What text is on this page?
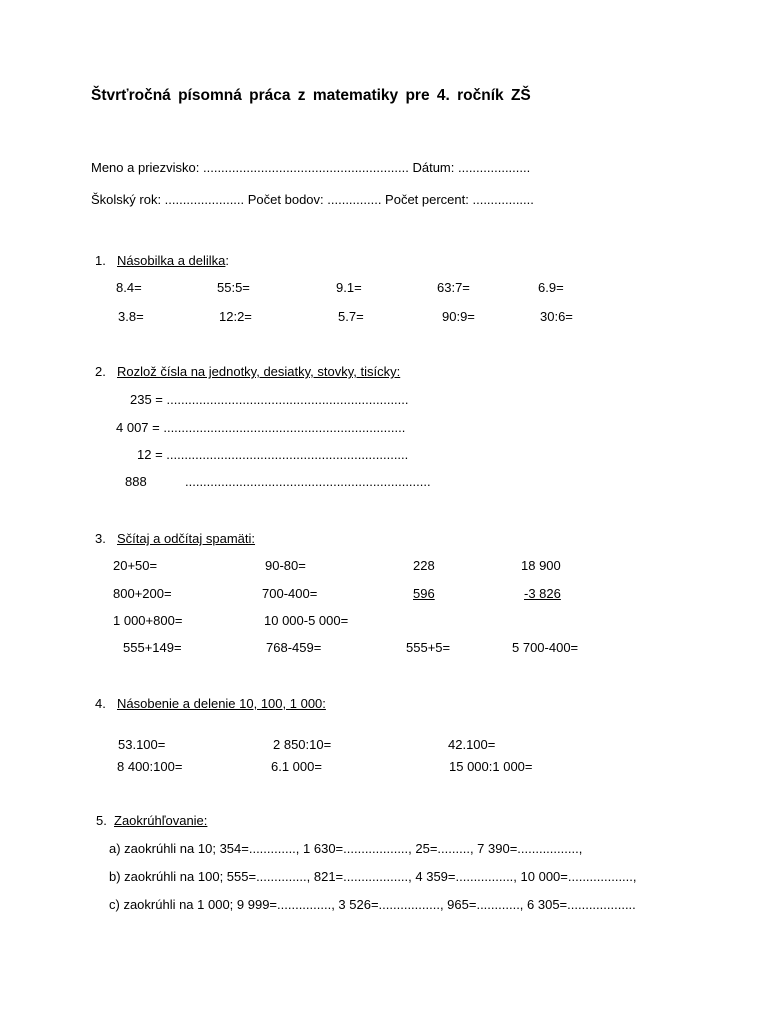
Štvrťročná písomná práca z matematiky pre 4. ročník ZŠ
Meno a priezvisko: ......................................................... Dátum: ....................
Školský rok: ...................... Počet bodov: ............... Počet percent: .................
1. Násobilka a delilka:
8.4=	55:5=	9.1=	63:7=	6.9=
3.8=	12:2=	5.7=	90:9=	30:6=
2. Rozlož čísla na jednotky, desiatky, stovky, tisícky:
235 = ...................................................................
4 007 = ...................................................................
12 = ...................................................................
888	....................................................................
3. Sčítaj a odčítaj spamäti:
20+50=	90-80=	228	18 900
800+200=	700-400=	596	-3 826
1 000+800=	10 000-5 000=
555+149=	768-459=	555+5=	5 700-400=
4. Násobenie a delenie 10, 100, 1 000:
53.100=	2 850:10=	42.100=
8 400:100=	6.1 000=	15 000:1 000=
5. Zaokrúhľovanie:
a) zaokrúhli na 10; 354=............., 1 630=.................., 25=........., 7 390=.................,
b) zaokrúhli na 100; 555=.............., 821=.................., 4 359=................, 10 000=..................,
c) zaokrúhli na 1 000; 9 999=..............., 3 526=................., 965=............, 6 305=...................
